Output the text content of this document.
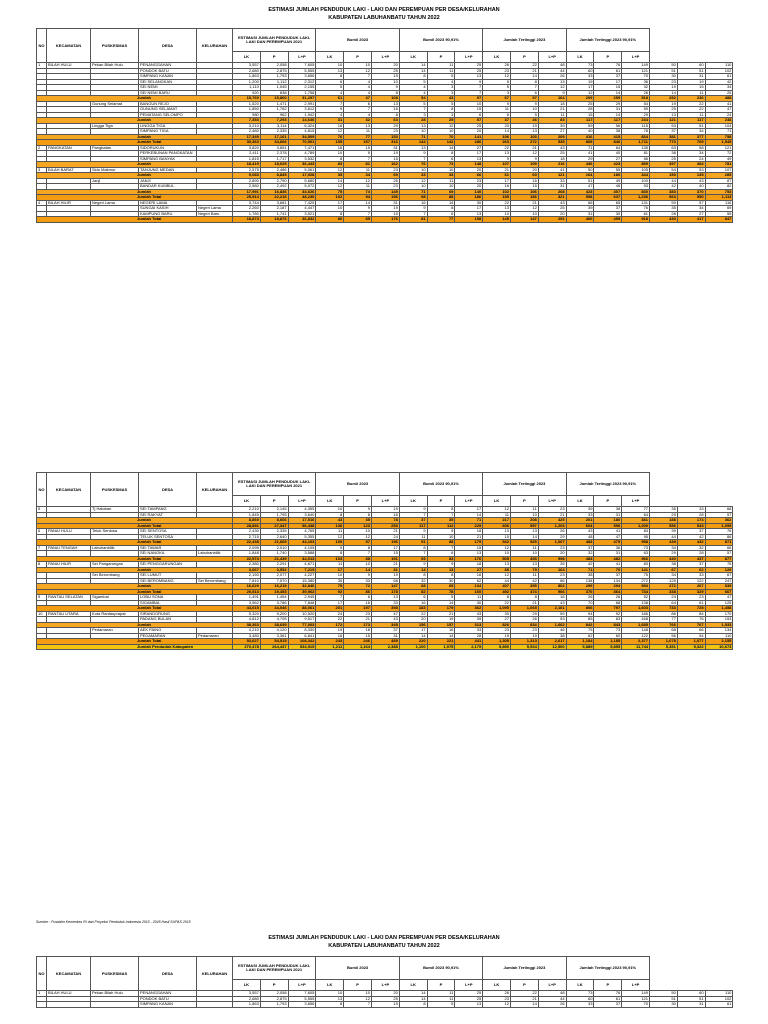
ESTIMASI JUMLAH PENDUDUK LAKI - LAKI DAN PEREMPUAN PER DESA/KELURAHAN
KABUPATEN LABUHANBATU TAHUN 2022
ESTIMASI JUMLAH PENDUDUK LAKI - LAKI DAN PEREMPUAN PER DESA/KELURAHAN
KABUPATEN LABUHANBATU TAHUN 2022
Sumber : Pusdatin Kemenkes RI dari Proyeksi Penduduk Indonesia 2015 - 2045 Hasil SUPAS 2015
NO	KECAMATAN	PUSKESMAS	DESA	KELURAHAN	ESTIMASI JUMLAH PENDUDUK LAKI-LAKI DAN PEREMPUAN 2021			Bumil 2023			Bumil 2023 90,91%			Jumlah Tertinggi 2023			Jumlah Tertinggi 2023 90,91%					
					LK	P	L+P	LK	P	L+P	LK	P	L+P	LK	P	L+P	LK	P	L+P			
1	BILAH HULU	Pekan Bilah Hulu	PENANGGAHAN		3,557	2,058	7,605	10	10	20	14	11	25	26	22	48	73	76	149	50	60	110
			PONDOK BATU		2,680	2,875	5,555	13	12	25	14	11	25	23	21	44	60	61	121	51	51	102
			SIMPANG KANAN		1,863	1,793	3,656	8	7	15	8	5	13	12	14	26	33	37	70	30	31	61
			SEI SELANGKAN		1,200	1,112	2,312	6	4	10	5	4	9	5	8	13	19	17	36	23	19	42
			SEI NEMI		1,110	1,045	2,155	5	4	9	4	3	7	5	7	12	17	15	32	19	15	34
			SEI NEMI BARU		920	838	1,758	4	4	8	4	3	7	3	6	9	12	14	26	14	11	25
Jumlah					15,769	15,860	31,297	61	47	108	54	43	97	67	97	164	209	259	518	252	236	488
		Gunung Selamat	BANGUN REJO		1,520	1,471	2,991	7	6	13	5	5	10	9	9	18	25	29	54	19	22	41
			GUNUNG SELAMAT		1,850	1,762	3,612	9	7	16	7	8	15	11	10	21	28	31	59	25	22	47
			PEMATANG SELOMPO		980	962	1,942	4	4	8	3	3	6	6	5	11	15	14	29	13	11	24
Jumlah					7,353	7,293	14,646	31	32	63	28	29	57	37	46	83	117	117	234	121	117	238
		Lingga Tiga	LINGGA TIGA		3,210	3,114	6,324	16	13	29	13	12	25	20	19	39	59	56	115	53	51	104
			SIMPANG TIGA		2,480	2,335	4,815	12	11	23	10	10	20	14	13	27	40	38	78	37	34	71
Jumlah					17,349	17,161	34,509	76	77	153	71	70	141	106	103	209	416	415	834	381	377	758
Jumlah Total					30,363	34,666	70,501	155	157	316	144	142	286	263	272	535	865	846	1,711	770	769	1,545
2	PANGKATAN	Pangkatan	SIDORUKUN		3,820	3,651	7,471	16	15	31	13	14	27	22	21	43	71	64	135	63	58	121
			PERKEBUNAN PANGKATAN		2,411	2,378	4,789	10	9	19	9	8	17	13	12	25	41	40	81	38	34	72
			SIMPANG BANYAK		1,815	1,717	3,532	8	7	15	7	6	13	9	9	18	29	27	56	25	24	49
Jumlah					18,419	18,025	36,443	83	81	162	76	73	148	107	109	216	436	423	859	397	384	781
3	BILAH BARAT	Sido Makmur	TANJUNG MEDAN		2,575	2,486	5,061	12	11	23	10	10	20	21	20	41	50	55	105	54	53	107
Jumlah					9,083	8,845	17,928	35	34	69	33	33	66	61	60	121	164	180	344	150	135	285
		Janji	JANJI		2,890	2,790	5,680	14	12	26	12	11	23	17	16	33	51	49	100	44	43	87
			BANDAR KUMBUL		2,580	2,492	5,072	12	11	23	10	10	20	16	15	31	47	46	93	42	40	82
Jumlah					17,991	16,836	34,626	75	74	149	71	69	140	102	106	208	423	407	830	383	370	753
Jumlah Total					25,914	22,216	48,230	102	94	196	98	88	186	155	166	321	598	637	1,236	563	550	1,113
4	BILAH HILIR	Negeri Lama	NEGERI LAMA		3,744	3,681	7,425	17	14	31	16	14	30	22	21	43	66	65	131	59	57	116
			SUNGAI KASIH	Negeri Lama	2,260	2,187	4,447	10	9	19	9	8	17	13	12	25	39	37	76	35	34	69
			KAMPUNG BARU	Negeri Baru	1,780	1,741	3,521	8	7	15	7	6	13	10	10	20	31	30	61	28	27	55
Jumlah Total					18,873	18,876	36,832	80	85	176	81	77	158	145	147	292	460	459	918	430	417	847
NO	KECAMATAN	PUSKESMAS	DESA	KELURAHAN	ESTIMASI JUMLAH PENDUDUK LAKI-LAKI DAN PEREMPUAN 2021			Bumil 2023			Bumil 2023 90,91%			Jumlah Tertinggi 2023			Jumlah Tertinggi 2023 90,91%					
					LK	P	L+P	LK	P	L+P	LK	P	L+P	LK	P	L+P	LK	P	L+P			
5		Tj Haloban	SEI TAMPANG		2,210	2,145	4,355	10	9	19	9	8	17	12	11	23	39	38	77	35	33	68
			SEI RAKYAT		1,845	1,795	3,640	8	8	16	7	7	14	11	10	21	33	31	64	29	28	57
Jumlah					8,869	8,666	17,516	43	35	78	37	35	71	217	208	425	201	180	381	188	174	362
Jumlah Total					28,891	27,347	56,438	130	123	253	117	112	229	606	597	1,203	604	596	1,200	556	543	1,099
6	PANAI HULU	Teluk Sentosa	SEI SENTOSA		2,430	2,335	4,765	11	10	21	9	9	18	13	13	26	43	41	84	39	37	76
			TELUK SENTOSA		2,715	2,640	5,355	12	12	24	11	10	21	15	14	29	48	47	95	44	42	86
Jumlah Total					22,438	21,665	44,103	100	97	196	91	88	179	542	525	1,067	483	475	958	439	432	871
7	PANAI TENGAH	Labuhanbilik	SEI TAWAR		2,095	2,010	4,105	9	8	17	8	7	15	12	11	23	37	36	73	34	32	66
			SEI NANGKA	Labuhanbilik	1,848	1,740	3,588	8	7	15	7	6	13	10	10	20	32	31	63	29	28	57
Jumlah Total					22,574	21,439	44,013	103	88	191	93	83	176	505	493	998	484	482	966	440	437	877
8	PANAI HILIR	Sei Pangarungan	SEI PENGGARUNGAN		2,380	2,291	4,671	11	10	21	9	9	18	13	13	26	42	41	83	38	37	75
Jumlah					3,667	3,552	7,219	17	14	31	14	13	27	85	79	164	71	70	141	67	62	129
		Sei Berombang	SEI LUMUT		2,150	2,077	4,227	10	9	19	8	8	16	12	11	23	38	37	75	34	33	67
			SEI BEROMBANG	Sei Berombang	7,810	7,570	15,380	35	33	68	32	30	62	44	42	86	138	134	272	125	122	247
Jumlah					16,629	16,219	32,846	75	72	147	68	65	134	407	395	802	299	294	593	272	267	539
Jumlah Total					20,513	19,453	39,962	92	86	178	82	78	160	492	474	966	370	364	734	338	329	667
9	RANTAU SELATAN	Sigambal	LOBU SONA		1,491	1,454	2,945	7	6	13	6	5	11	8	8	16	26	26	52	24	23	47
			SIGAMBAL		3,962	3,786	7,848	17	16	33	16	14	30	22	21	43	70	68	138	64	61	125
Jumlah Total					44,015	44,046	88,061	201	197	398	183	179	362	1,095	1,065	2,161	806	797	1,603	733	725	1,458
10	RANTAU UTARA	Kota Rantauprapat	SIRANDORUNG		5,320	5,200	10,520	24	23	47	22	21	43	30	29	59	94	92	186	86	84	170
			PADANG BULAN		4,812	4,705	9,517	22	21	43	20	19	39	27	26	53	85	83	168	77	76	153
Jumlah					38,363	38,639	77,003	172	173	345	156	157	313	826	834	1,662	842	843	1,685	766	767	1,533
		Pedamaran	AEK PAING		4,210	4,120	8,330	19	18	37	17	16	33	23	23	46	75	73	148	68	66	134
			PEDAMARAN	Pedamaran	3,480	3,361	6,841	16	15	31	14	14	28	19	19	38	62	60	122	56	54	110
Jumlah Total					53,627	54,515	108,342	243	246	489	220	221	441	1,305	1,313	2,617	1,184	1,185	2,377	1,078	1,077	2,155
Jumlah Penduduk Kabupaten					270,478	264,437	534,915	1,211	1,164	2,388	1,100	1,075	2,175	5,890	5,534	12,500	5,889	5,855	11,744	5,351	5,322	10,673
NO	KECAMATAN	PUSKESMAS	DESA	KELURAHAN	ESTIMASI JUMLAH PENDUDUK LAKI-LAKI DAN PEREMPUAN 2021			Bumil 2023			Bumil 2023 90,91%			Jumlah Tertinggi 2023			Jumlah Tertinggi 2023 90,91%					
					LK	P	L+P	LK	P	L+P	LK	P	L+P	LK	P	L+P	LK	P	L+P			
1	BILAH HULU	Pekan Bilah Hulu	PENANGGAHAN		3,557	2,058	7,605	10	10	20	14	11	25	26	22	48	73	76	149	50	60	110
			PONDOK BATU		2,680	2,875	5,555	13	12	25	14	11	25	23	21	44	60	61	121	51	51	102
			SIMPANG KANAN		1,863	1,793	3,656	8	7	15	8	5	13	12	14	26	33	37	70	30	31	61
